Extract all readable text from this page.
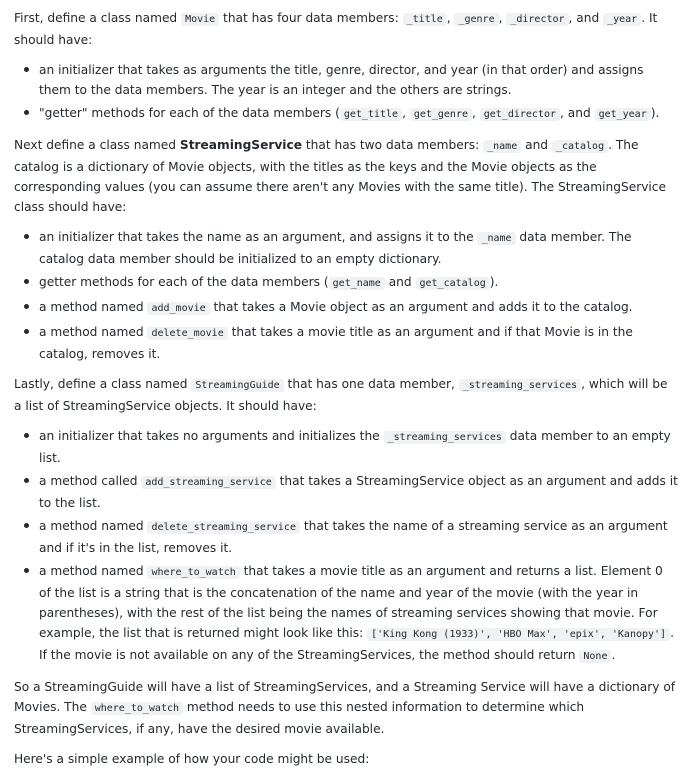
First, define a class named Movie that has four data members: _title , _genre , _director , and _year . It should have:

an initializer that takes as arguments the title, genre, director, and year (in that order) and assigns them to the data members. The year is an integer and the others are strings.
"getter" methods for each of the data members ( get_title , get_genre , get_director , and get_year ).

Next define a class named StreamingService that has two data members: _name and _catalog . The catalog is a dictionary of Movie objects, with the titles as the keys and the Movie objects as the corresponding values (you can assume there aren't any Movies with the same title). The StreamingService class should have:

an initializer that takes the name as an argument, and assigns it to the _name data member. The catalog data member should be initialized to an empty dictionary.
getter methods for each of the data members ( get_name and get_catalog ).
a method named add_movie that takes a Movie object as an argument and adds it to the catalog.
a method named delete_movie that takes a movie title as an argument and if that Movie is in the catalog, removes it.

Lastly, define a class named StreamingGuide that has one data member, _streaming_services , which will be a list of StreamingService objects. It should have:

an initializer that takes no arguments and initializes the _streaming_services data member to an empty list.
a method called add_streaming_service that takes a StreamingService object as an argument and adds it to the list.
a method named delete_streaming_service that takes the name of a streaming service as an argument and if it's in the list, removes it.
a method named where_to_watch that takes a movie title as an argument and returns a list. Element 0 of the list is a string that is the concatenation of the name and year of the movie (with the year in parentheses), with the rest of the list being the names of streaming services showing that movie. For example, the list that is returned might look like this: ['King Kong (1933)', 'HBO Max', 'epix', 'Kanopy'] . If the movie is not available on any of the StreamingServices, the method should return None .

So a StreamingGuide will have a list of StreamingServices, and a Streaming Service will have a dictionary of Movies. The where_to_watch method needs to use this nested information to determine which StreamingServices, if any, have the desired movie available.

Here's a simple example of how your code might be used:
